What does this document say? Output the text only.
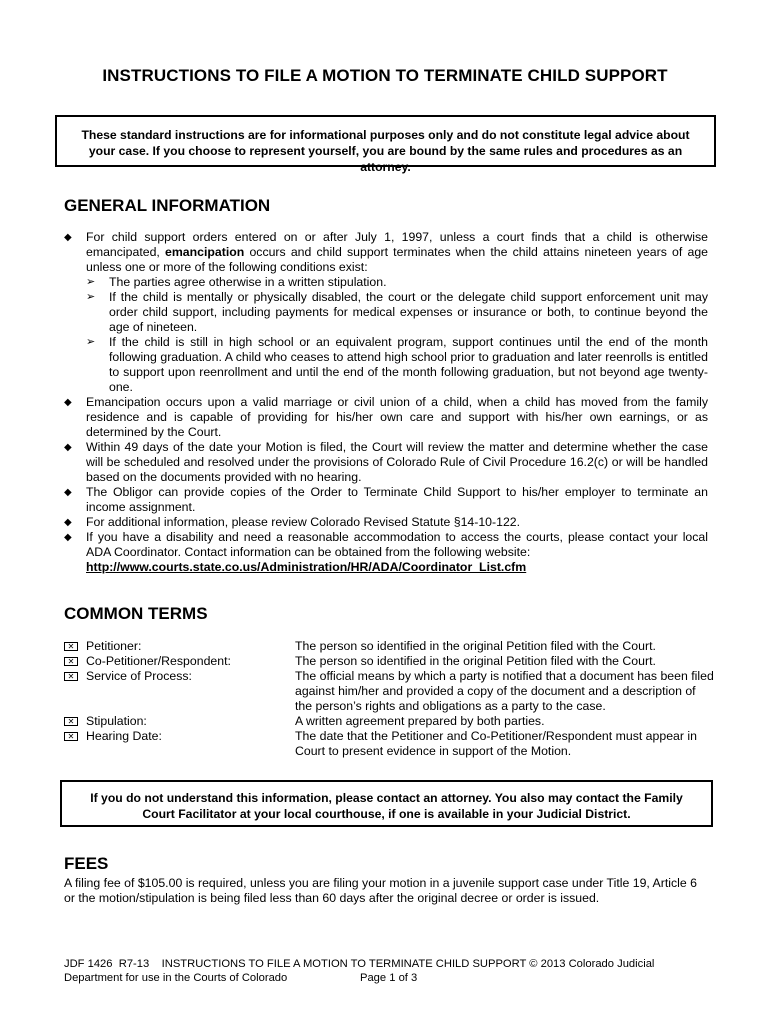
INSTRUCTIONS TO FILE A MOTION TO TERMINATE CHILD SUPPORT
These standard instructions are for informational purposes only and do not constitute legal advice about your case. If you choose to represent yourself, you are bound by the same rules and procedures as an attorney.
GENERAL INFORMATION
◆ For child support orders entered on or after July 1, 1997, unless a court finds that a child is otherwise emancipated, emancipation occurs and child support terminates when the child attains nineteen years of age unless one or more of the following conditions exist:
➢ The parties agree otherwise in a written stipulation.
➢ If the child is mentally or physically disabled, the court or the delegate child support enforcement unit may order child support, including payments for medical expenses or insurance or both, to continue beyond the age of nineteen.
➢ If the child is still in high school or an equivalent program, support continues until the end of the month following graduation. A child who ceases to attend high school prior to graduation and later reenrolls is entitled to support upon reenrollment and until the end of the month following graduation, but not beyond age twenty-one.
◆ Emancipation occurs upon a valid marriage or civil union of a child, when a child has moved from the family residence and is capable of providing for his/her own care and support with his/her own earnings, or as determined by the Court.
◆ Within 49 days of the date your Motion is filed, the Court will review the matter and determine whether the case will be scheduled and resolved under the provisions of Colorado Rule of Civil Procedure 16.2(c) or will be handled based on the documents provided with no hearing.
◆ The Obligor can provide copies of the Order to Terminate Child Support to his/her employer to terminate an income assignment.
◆ For additional information, please review Colorado Revised Statute §14-10-122.
◆ If you have a disability and need a reasonable accommodation to access the courts, please contact your local ADA Coordinator. Contact information can be obtained from the following website:
http://www.courts.state.co.us/Administration/HR/ADA/Coordinator_List.cfm
COMMON TERMS
✕ Petitioner:	The person so identified in the original Petition filed with the Court.
✕ Co-Petitioner/Respondent:	The person so identified in the original Petition filed with the Court.
✕ Service of Process:	The official means by which a party is notified that a document has been filed against him/her and provided a copy of the document and a description of the person’s rights and obligations as a party to the case.
✕ Stipulation:	A written agreement prepared by both parties.
✕ Hearing Date:	The date that the Petitioner and Co-Petitioner/Respondent must appear in Court to present evidence in support of the Motion.
If you do not understand this information, please contact an attorney. You also may contact the Family Court Facilitator at your local courthouse, if one is available in your Judicial District.
FEES
A filing fee of $105.00 is required, unless you are filing your motion in a juvenile support case under Title 19, Article 6 or the motion/stipulation is being filed less than 60 days after the original decree or order is issued.
JDF 1426 R7-13 INSTRUCTIONS TO FILE A MOTION TO TERMINATE CHILD SUPPORT © 2013 Colorado Judicial
Department for use in the Courts of Colorado	Page 1 of 3
